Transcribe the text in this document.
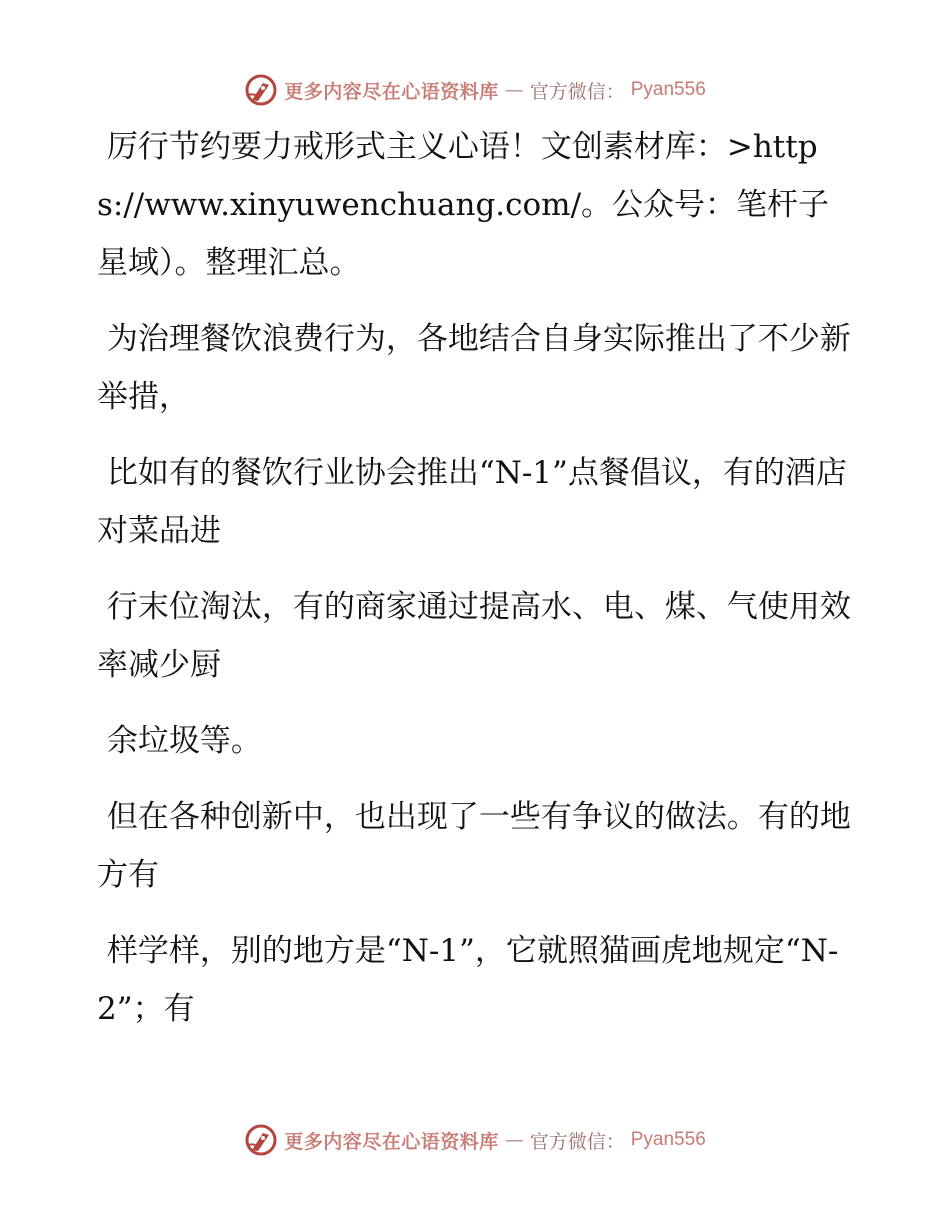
更多内容尽在心语资料库 — 官方微信： Pyan556

厉行节约要力戒形式主义心语！文创素材库：>https://www.xinyuwenchuang.com/。公众号：笔杆子星域）。整理汇总。

为治理餐饮浪费行为，各地结合自身实际推出了不少新举措，

比如有的餐饮行业协会推出“N-1”点餐倡议，有的酒店对菜品进

行末位淘汰，有的商家通过提高水、电、煤、气使用效率减少厨

余垃圾等。

但在各种创新中，也出现了一些有争议的做法。有的地方有

样学样，别的地方是“N-1”，它就照猫画虎地规定“N-2”；有

更多内容尽在心语资料库 — 官方微信： Pyan556
